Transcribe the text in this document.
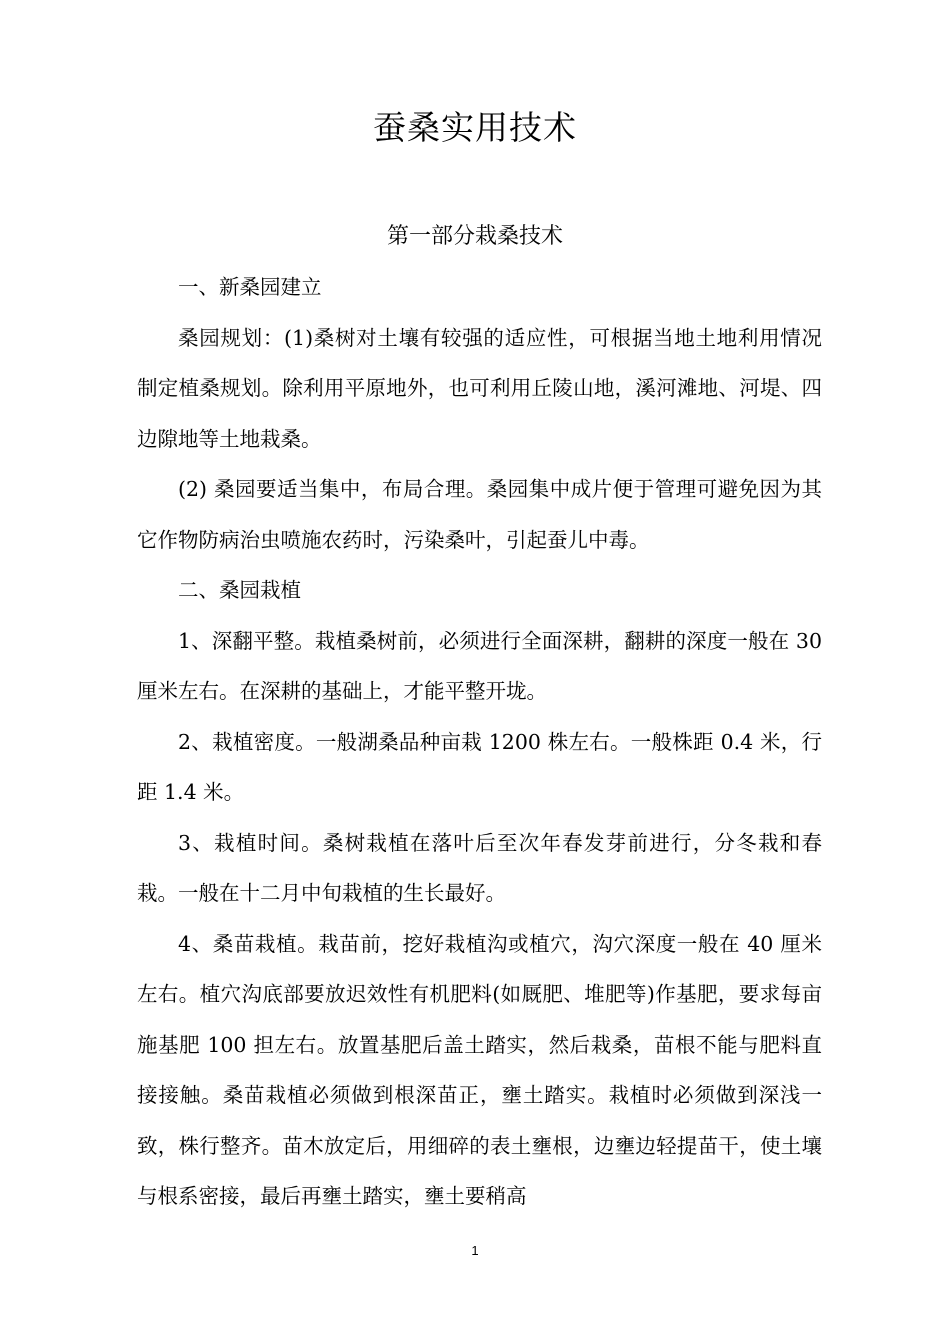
蚕桑实用技术
第一部分栽桑技术

一、新桑园建立

桑园规划：(1)桑树对土壤有较强的适应性，可根据当地土地利用情况制定植桑规划。除利用平原地外，也可利用丘陵山地，溪河滩地、河堤、四边隙地等土地栽桑。

(2) 桑园要适当集中，布局合理。桑园集中成片便于管理可避免因为其它作物防病治虫喷施农药时，污染桑叶，引起蚕儿中毒。

二、桑园栽植

1、深翻平整。栽植桑树前，必须进行全面深耕，翻耕的深度一般在 30 厘米左右。在深耕的基础上，才能平整开垅。

2、栽植密度。一般湖桑品种亩栽 1200 株左右。一般株距 0.4 米，行距 1.4 米。

3、栽植时间。桑树栽植在落叶后至次年春发芽前进行，分冬栽和春栽。一般在十二月中旬栽植的生长最好。

4、桑苗栽植。栽苗前，挖好栽植沟或植穴，沟穴深度一般在 40 厘米左右。植穴沟底部要放迟效性有机肥料(如厩肥、堆肥等)作基肥，要求每亩施基肥 100 担左右。放置基肥后盖土踏实，然后栽桑，苗根不能与肥料直接接触。桑苗栽植必须做到根深苗正，壅土踏实。栽植时必须做到深浅一致，株行整齐。苗木放定后，用细碎的表土壅根，边壅边轻提苗干，使土壤与根系密接，最后再壅土踏实，壅土要稍高

1
